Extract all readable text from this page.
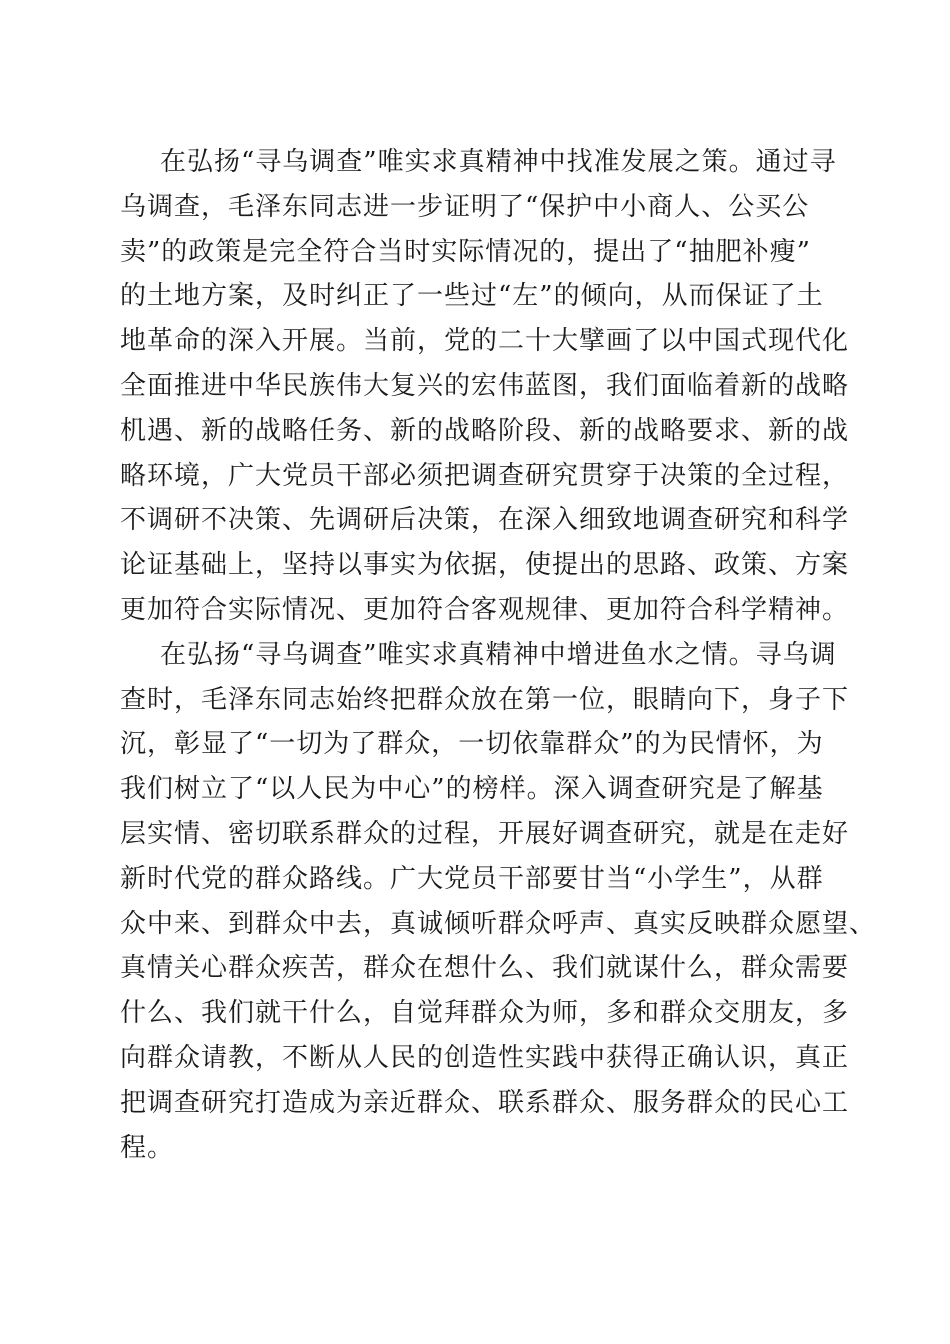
在弘扬“寻乌调查”唯实求真精神中找准发展之策。通过寻
乌调查，毛泽东同志进一步证明了“保护中小商人、公买公
卖”的政策是完全符合当时实际情况的，提出了“抽肥补瘦”
的土地方案，及时纠正了一些过“左”的倾向，从而保证了土
地革命的深入开展。当前，党的二十大擘画了以中国式现代化
全面推进中华民族伟大复兴的宏伟蓝图，我们面临着新的战略
机遇、新的战略任务、新的战略阶段、新的战略要求、新的战
略环境，广大党员干部必须把调查研究贯穿于决策的全过程，
不调研不决策、先调研后决策，在深入细致地调查研究和科学
论证基础上，坚持以事实为依据，使提出的思路、政策、方案
更加符合实际情况、更加符合客观规律、更加符合科学精神。
在弘扬“寻乌调查”唯实求真精神中增进鱼水之情。寻乌调
查时，毛泽东同志始终把群众放在第一位，眼睛向下，身子下
沉，彰显了“一切为了群众，一切依靠群众”的为民情怀，为
我们树立了“以人民为中心”的榜样。深入调查研究是了解基
层实情、密切联系群众的过程，开展好调查研究，就是在走好
新时代党的群众路线。广大党员干部要甘当“小学生”，从群
众中来、到群众中去，真诚倾听群众呼声、真实反映群众愿望、
真情关心群众疾苦，群众在想什么、我们就谋什么，群众需要
什么、我们就干什么，自觉拜群众为师，多和群众交朋友，多
向群众请教，不断从人民的创造性实践中获得正确认识，真正
把调查研究打造成为亲近群众、联系群众、服务群众的民心工
程。
